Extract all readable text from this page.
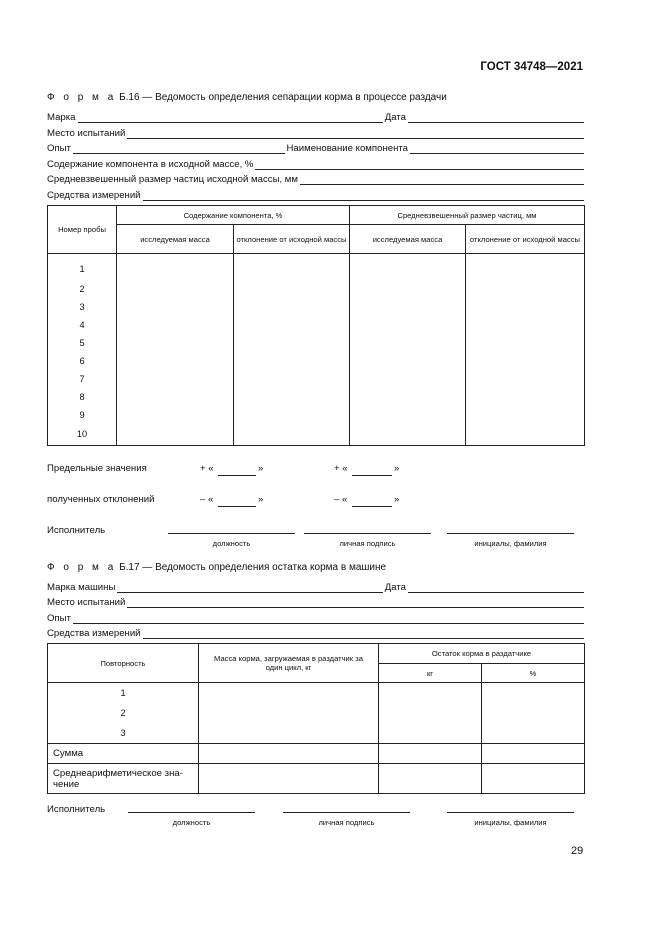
ГОСТ 34748—2021
Ф о р м а Б.16 — Ведомость определения сепарации корма в процессе раздачи
Марка	Дата
Место испытаний
Опыт	Наименование компонента
Содержание компонента в исходной массе, %
Средневзвешенный размер частиц исходной массы, мм
Средства измерений
Номер пробы	Содержание компонента, %		Средневзвешенный размер частиц, мм	
	исследуемая масса	отклонение от исходной массы	исследуемая масса	отклонение от исходной массы
1				
2				
3				
4				
5				
6				
7				
8				
9				
10				
Предельные значения	+ «	»	+ «	»
полученных отклонений	– «	»	– «	»
Исполнитель
должность	личная подпись	инициалы, фамилия
Ф о р м а Б.17 — Ведомость определения остатка корма в машине
Марка машины	Дата
Место испытаний
Опыт
Средства измерений
Повторность	Масса корма, загружаемая в раздатчик за один цикл, кг	Остаток корма в раздатчике	
		кг	%

1
2
3			

Сумма			
Среднеарифметическое зна-чение			
Исполнитель
должность	личная подпись	инициалы, фамилия
29
